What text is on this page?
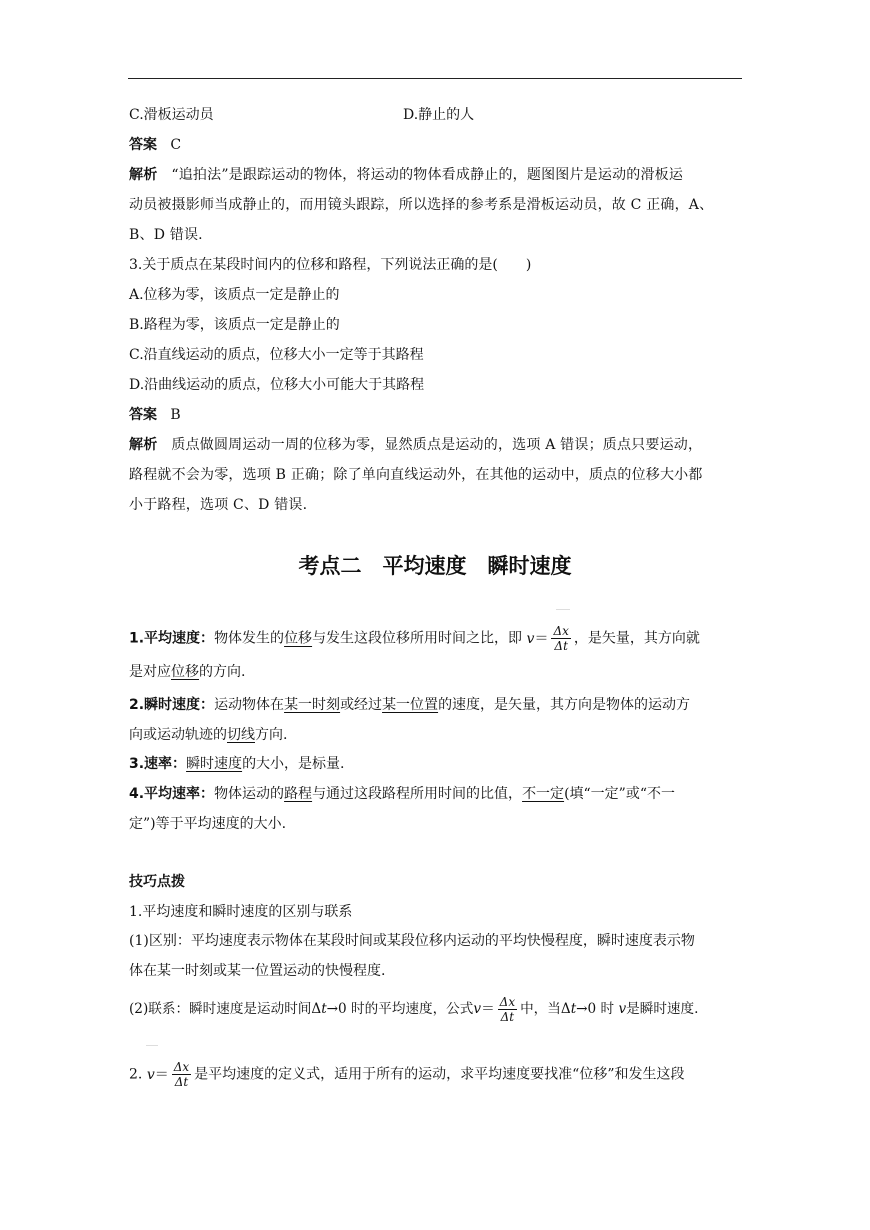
C.滑板运动员	D.静止的人
答案 C
解析 “追拍法”是跟踪运动的物体，将运动的物体看成静止的，题图图片是运动的滑板运
动员被摄影师当成静止的，而用镜头跟踪，所以选择的参考系是滑板运动员，故 C 正确，A、
B、D 错误.
3.关于质点在某段时间内的位移和路程，下列说法正确的是(　　)
A.位移为零，该质点一定是静止的
B.路程为零，该质点一定是静止的
C.沿直线运动的质点，位移大小一定等于其路程
D.沿曲线运动的质点，位移大小可能大于其路程
答案 B
解析 质点做圆周运动一周的位移为零，显然质点是运动的，选项 A 错误；质点只要运动，
路程就不会为零，选项 B 正确；除了单向直线运动外，在其他的运动中，质点的位移大小都
小于路程，选项 C、D 错误.
考点二　平均速度　瞬时速度
1.平均速度：物体发生的位移与发生这段位移所用时间之比，即 $v= \frac{\Delta x}{\Delta t}$ ，是矢量，其方向就
是对应位移的方向.
2.瞬时速度：运动物体在某一时刻或经过某一位置的速度，是矢量，其方向是物体的运动方
向或运动轨迹的切线方向.
3.速率：瞬时速度的大小，是标量.
4.平均速率：物体运动的路程与通过这段路程所用时间的比值，不一定(填“一定”或“不一
定”)等于平均速度的大小.
技巧点拨
1.平均速度和瞬时速度的区别与联系
(1)区别：平均速度表示物体在某段时间或某段位移内运动的平均快慢程度，瞬时速度表示物
体在某一时刻或某一位置运动的快慢程度.
(2)联系：瞬时速度是运动时间Δt→0 时的平均速度，公式$v= \frac{\Delta x}{\Delta t}$ 中，当Δt→0 时 v是瞬时速度.
2. $v= \frac{\Delta x}{\Delta t}$ 是平均速度的定义式，适用于所有的运动，求平均速度要找准“位移”和发生这段
